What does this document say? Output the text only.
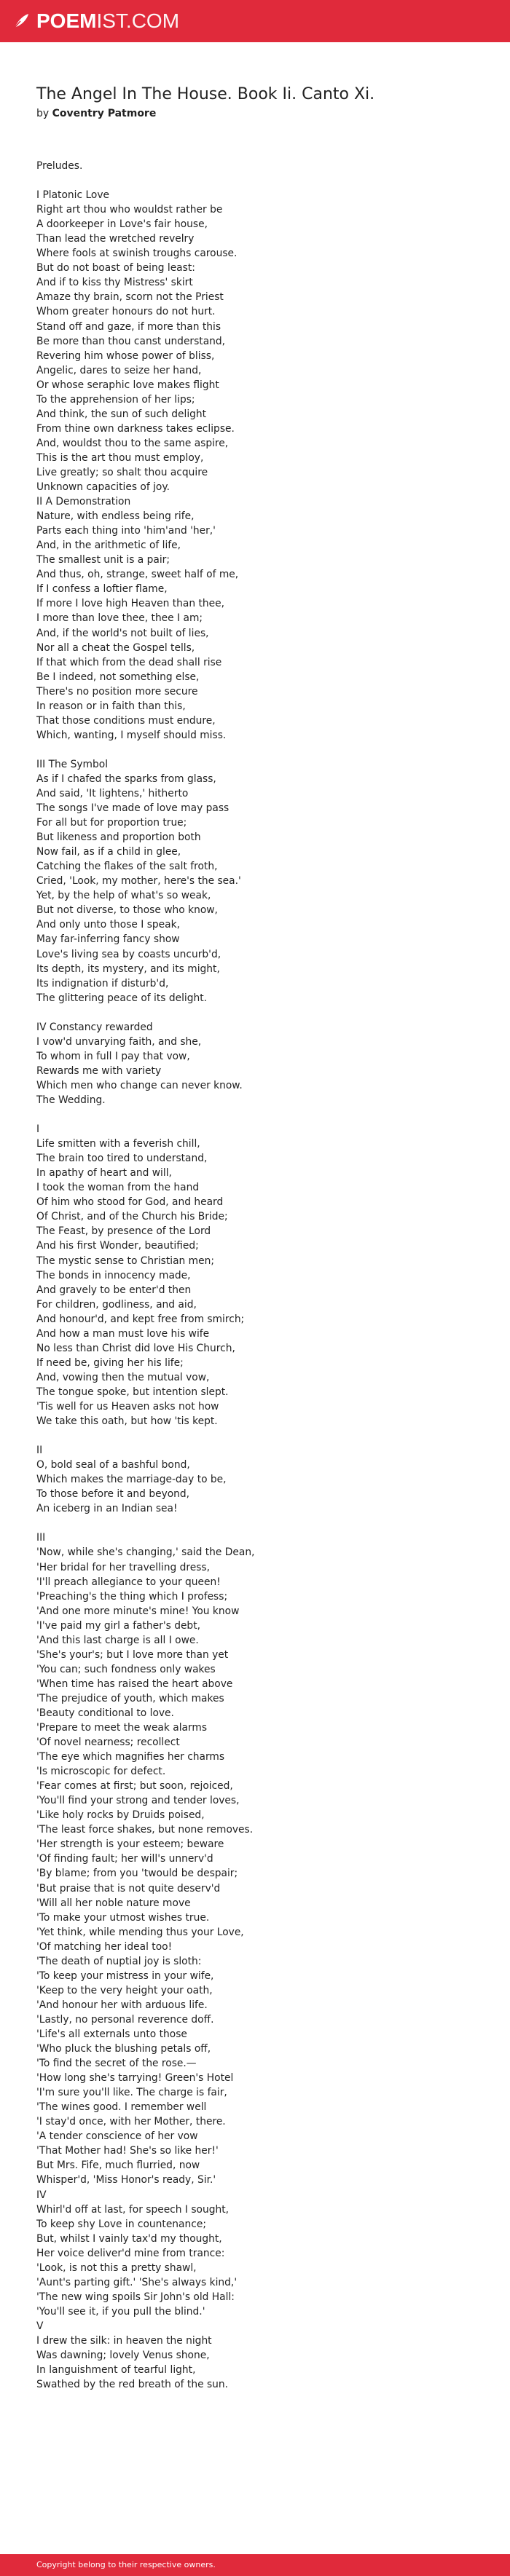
POEM IST.COM
The Angel In The House. Book Ii. Canto Xi.
by Coventry Patmore
Preludes.
I Platonic Love
Right art thou who wouldst rather be
A doorkeeper in Love's fair house,
Than lead the wretched revelry
Where fools at swinish troughs carouse.
But do not boast of being least:
And if to kiss thy Mistress' skirt
Amaze thy brain, scorn not the Priest
Whom greater honours do not hurt.
Stand off and gaze, if more than this
Be more than thou canst understand,
Revering him whose power of bliss,
Angelic, dares to seize her hand,
Or whose seraphic love makes flight
To the apprehension of her lips;
And think, the sun of such delight
From thine own darkness takes eclipse.
And, wouldst thou to the same aspire,
This is the art thou must employ,
Live greatly; so shalt thou acquire
Unknown capacities of joy.
II A Demonstration
Nature, with endless being rife,
Parts each thing into 'him'and 'her,'
And, in the arithmetic of life,
The smallest unit is a pair;
And thus, oh, strange, sweet half of me,
If I confess a loftier flame,
If more I love high Heaven than thee,
I more than love thee, thee I am;
And, if the world's not built of lies,
Nor all a cheat the Gospel tells,
If that which from the dead shall rise
Be I indeed, not something else,
There's no position more secure
In reason or in faith than this,
That those conditions must endure,
Which, wanting, I myself should miss.
III The Symbol
As if I chafed the sparks from glass,
And said, 'It lightens,' hitherto
The songs I've made of love may pass
For all but for proportion true;
But likeness and proportion both
Now fail, as if a child in glee,
Catching the flakes of the salt froth,
Cried, 'Look, my mother, here's the sea.'
Yet, by the help of what's so weak,
But not diverse, to those who know,
And only unto those I speak,
May far-inferring fancy show
Love's living sea by coasts uncurb'd,
Its depth, its mystery, and its might,
Its indignation if disturb'd,
The glittering peace of its delight.
IV Constancy rewarded
I vow'd unvarying faith, and she,
To whom in full I pay that vow,
Rewards me with variety
Which men who change can never know.
The Wedding.
I
Life smitten with a feverish chill,
The brain too tired to understand,
In apathy of heart and will,
I took the woman from the hand
Of him who stood for God, and heard
Of Christ, and of the Church his Bride;
The Feast, by presence of the Lord
And his first Wonder, beautified;
The mystic sense to Christian men;
The bonds in innocency made,
And gravely to be enter'd then
For children, godliness, and aid,
And honour'd, and kept free from smirch;
And how a man must love his wife
No less than Christ did love His Church,
If need be, giving her his life;
And, vowing then the mutual vow,
The tongue spoke, but intention slept.
'Tis well for us Heaven asks not how
We take this oath, but how 'tis kept.
II
O, bold seal of a bashful bond,
Which makes the marriage-day to be,
To those before it and beyond,
An iceberg in an Indian sea!
III
'Now, while she's changing,' said the Dean,
'Her bridal for her travelling dress,
'I'll preach allegiance to your queen!
'Preaching's the thing which I profess;
'And one more minute's mine! You know
'I've paid my girl a father's debt,
'And this last charge is all I owe.
'She's your's; but I love more than yet
'You can; such fondness only wakes
'When time has raised the heart above
'The prejudice of youth, which makes
'Beauty conditional to love.
'Prepare to meet the weak alarms
'Of novel nearness; recollect
'The eye which magnifies her charms
'Is microscopic for defect.
'Fear comes at first; but soon, rejoiced,
'You'll find your strong and tender loves,
'Like holy rocks by Druids poised,
'The least force shakes, but none removes.
'Her strength is your esteem; beware
'Of finding fault; her will's unnerv'd
'By blame; from you 'twould be despair;
'But praise that is not quite deserv'd
'Will all her noble nature move
'To make your utmost wishes true.
'Yet think, while mending thus your Love,
'Of matching her ideal too!
'The death of nuptial joy is sloth:
'To keep your mistress in your wife,
'Keep to the very height your oath,
'And honour her with arduous life.
'Lastly, no personal reverence doff.
'Life's all externals unto those
'Who pluck the blushing petals off,
'To find the secret of the rose.—
'How long she's tarrying! Green's Hotel
'I'm sure you'll like. The charge is fair,
'The wines good. I remember well
'I stay'd once, with her Mother, there.
'A tender conscience of her vow
'That Mother had! She's so like her!'
But Mrs. Fife, much flurried, now
Whisper'd, 'Miss Honor's ready, Sir.'
IV
Whirl'd off at last, for speech I sought,
To keep shy Love in countenance;
But, whilst I vainly tax'd my thought,
Her voice deliver'd mine from trance:
'Look, is not this a pretty shawl,
'Aunt's parting gift.' 'She's always kind,'
'The new wing spoils Sir John's old Hall:
'You'll see it, if you pull the blind.'
V
I drew the silk: in heaven the night
Was dawning; lovely Venus shone,
In languishment of tearful light,
Swathed by the red breath of the sun.
Copyright belong to their respective owners.
